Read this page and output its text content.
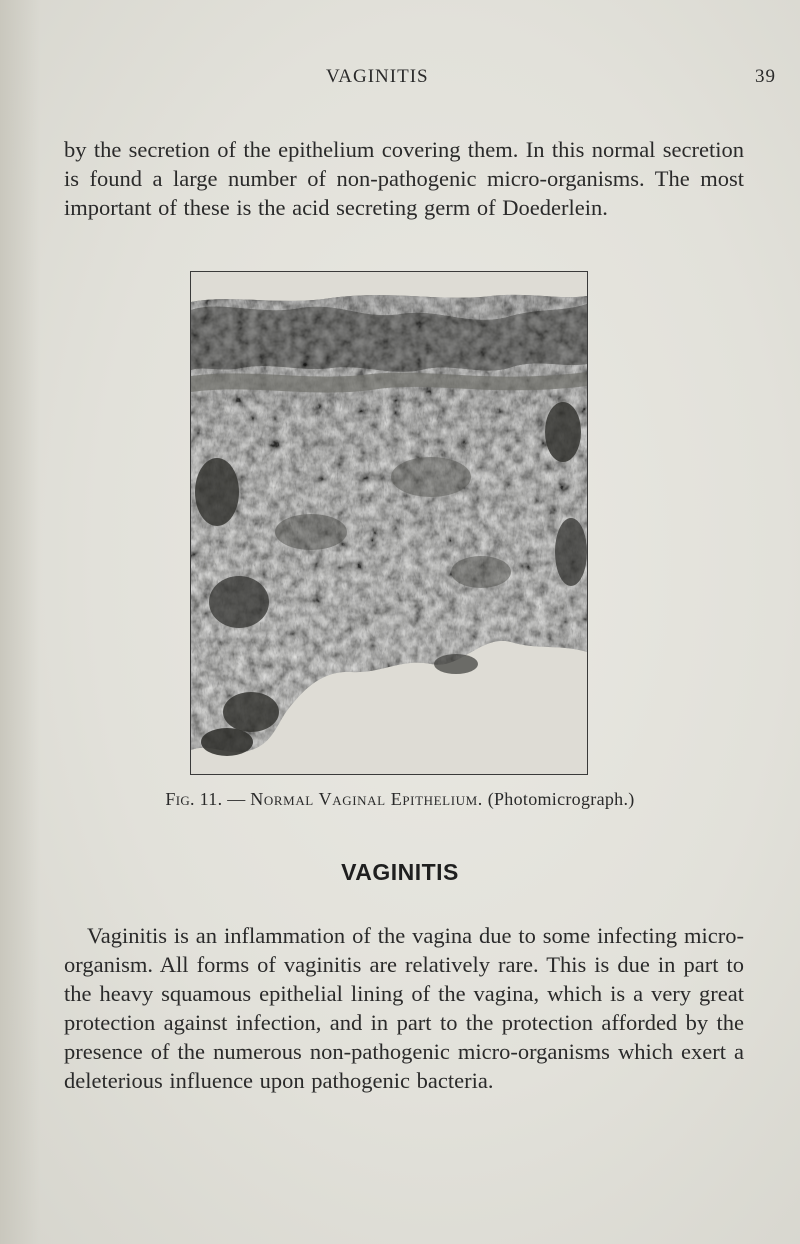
VAGINITIS	39

by the secretion of the epithelium covering them. In this normal secretion is found a large number of non-pathogenic micro-organisms. The most important of these is the acid secreting germ of Doederlein.

Fig. 11. — Normal Vaginal Epithelium. (Photomicrograph.)
VAGINITIS

Vaginitis is an inflammation of the vagina due to some infecting micro-organism. All forms of vaginitis are relatively rare. This is due in part to the heavy squamous epithelial lining of the vagina, which is a very great protection against infection, and in part to the protection afforded by the presence of the numerous non-pathogenic micro-organisms which exert a deleterious influence upon pathogenic bacteria.
